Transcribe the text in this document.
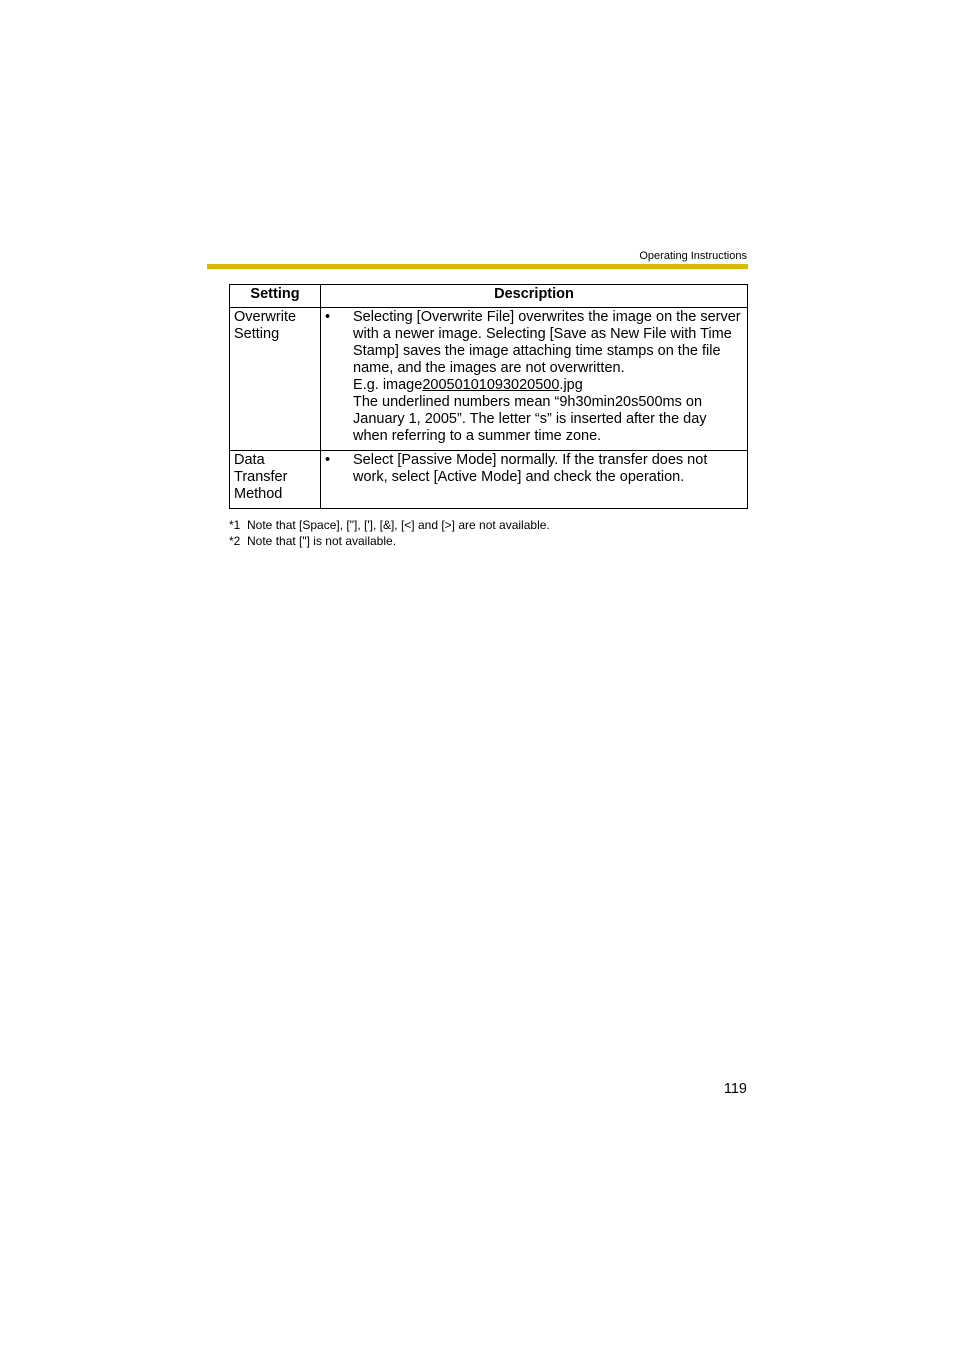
Operating Instructions
Setting	Description

Overwrite Setting	• Selecting [Overwrite File] overwrites the image on the server with a newer image. Selecting [Save as New File with Time Stamp] saves the image attaching time stamps on the file name, and the images are not overwritten.
E.g. image20050101093020500.jpg
The underlined numbers mean “9h30min20s500ms on January 1, 2005”. The letter “s” is inserted after the day when referring to a summer time zone.

Data Transfer Method	• Select [Passive Mode] normally. If the transfer does not work, select [Active Mode] and check the operation.
*1  Note that [Space], ["], ['], [&], [<] and [>] are not available.
*2  Note that ["] is not available.
119
